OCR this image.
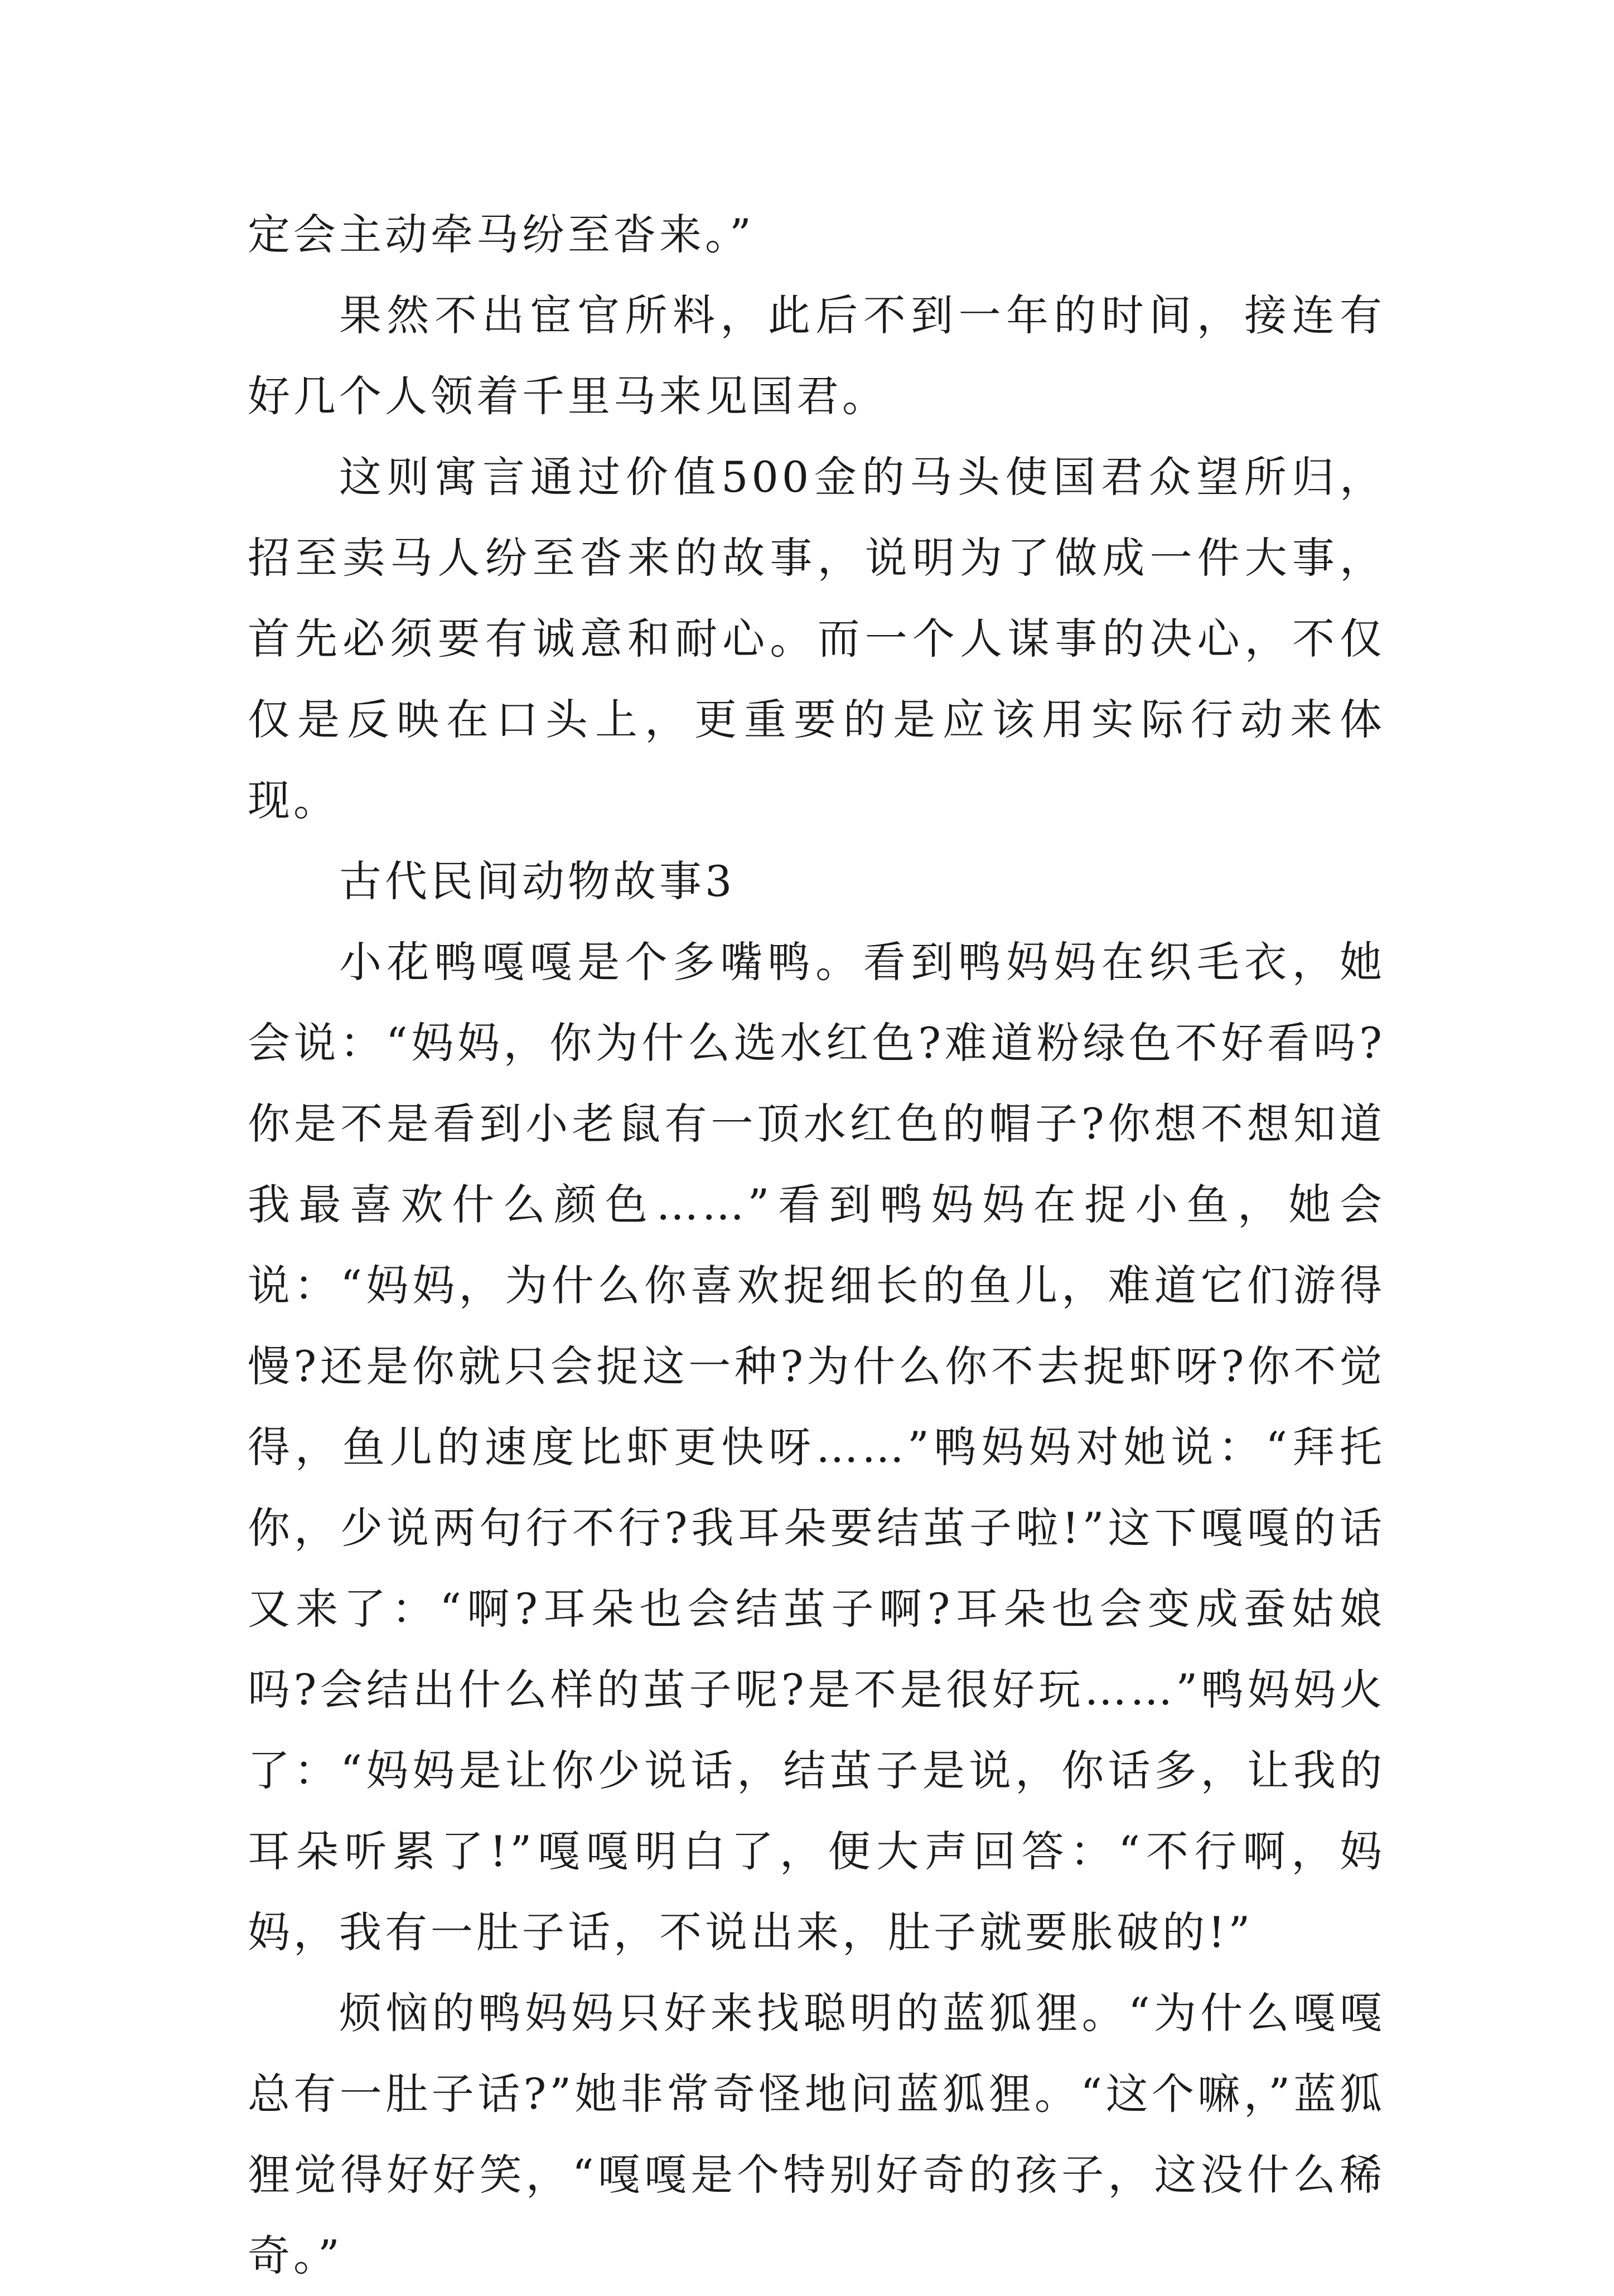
定会主动牵马纷至沓来。”

果然不出宦官所料，此后不到一年的时间，接连有好几个人领着千里马来见国君。

这则寓言通过价值500金的马头使国君众望所归，招至卖马人纷至沓来的故事，说明为了做成一件大事，首先必须要有诚意和耐心。而一个人谋事的决心，不仅仅是反映在口头上，更重要的是应该用实际行动来体现。

古代民间动物故事3

小花鸭嘎嘎是个多嘴鸭。看到鸭妈妈在织毛衣，她会说：“妈妈，你为什么选水红色?难道粉绿色不好看吗?你是不是看到小老鼠有一顶水红色的帽子?你想不想知道我最喜欢什么颜色……”看到鸭妈妈在捉小鱼，她会说：“妈妈，为什么你喜欢捉细长的鱼儿，难道它们游得慢?还是你就只会捉这一种?为什么你不去捉虾呀?你不觉得，鱼儿的速度比虾更快呀……”鸭妈妈对她说：“拜托你，少说两句行不行?我耳朵要结茧子啦!”这下嘎嘎的话又来了：“啊?耳朵也会结茧子啊?耳朵也会变成蚕姑娘吗?会结出什么样的茧子呢?是不是很好玩……”鸭妈妈火了：“妈妈是让你少说话，结茧子是说，你话多，让我的耳朵听累了!”嘎嘎明白了，便大声回答：“不行啊，妈妈，我有一肚子话，不说出来，肚子就要胀破的!”

烦恼的鸭妈妈只好来找聪明的蓝狐狸。“为什么嘎嘎总有一肚子话?”她非常奇怪地问蓝狐狸。“这个嘛，”蓝狐狸觉得好好笑，“嘎嘎是个特别好奇的孩子，这没什么稀奇。”
